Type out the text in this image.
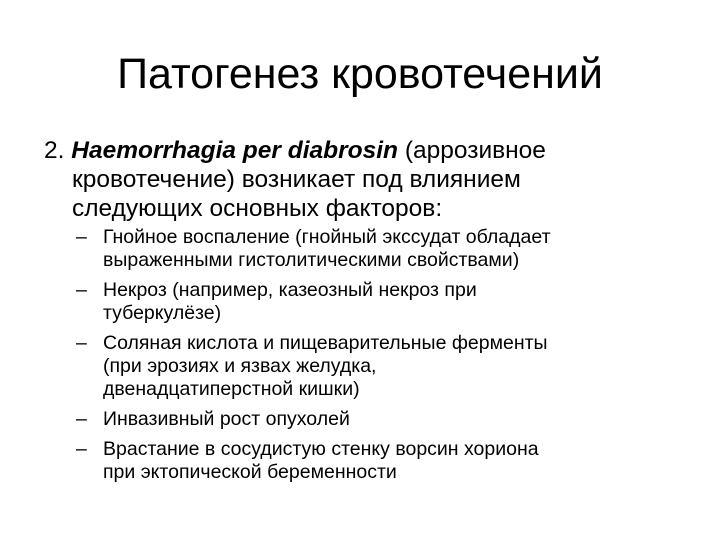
Патогенез кровотечений
2. Haemorrhagia per diabrosin (аррозивное
кровотечение) возникает под влиянием
следующих основных факторов:
– Гнойное воспаление (гнойный экссудат обладает
выраженными гистолитическими свойствами)
– Некроз (например, казеозный некроз при
туберкулёзе)
– Соляная кислота и пищеварительные ферменты
(при эрозиях и язвах желудка,
двенадцатиперстной кишки)
– Инвазивный рост опухолей
– Врастание в сосудистую стенку ворсин хориона
при эктопической беременности
